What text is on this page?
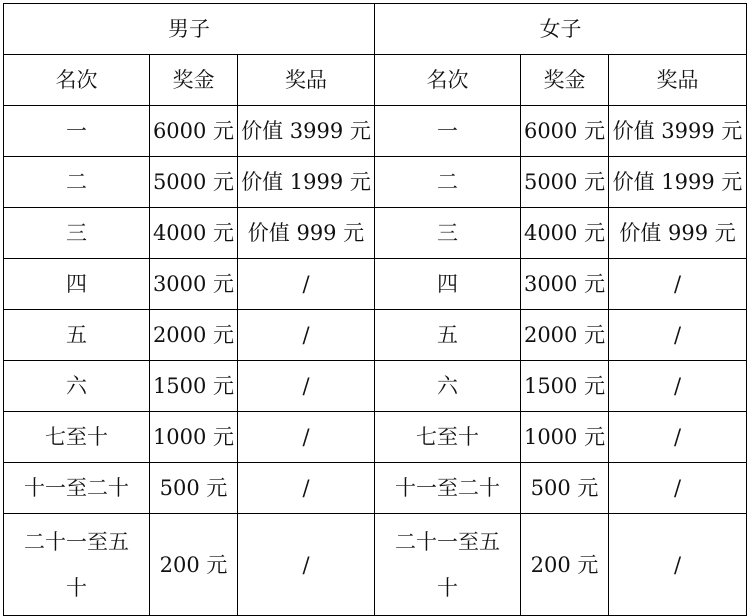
男子			女子		
名次	奖金	奖品	名次	奖金	奖品
一	6000 元	价值 3999 元	一	6000 元	价值 3999 元
二	5000 元	价值 1999 元	二	5000 元	价值 1999 元
三	4000 元	价值 999 元	三	4000 元	价值 999 元
四	3000 元	/	四	3000 元	/
五	2000 元	/	五	2000 元	/
六	1500 元	/	六	1500 元	/
七至十	1000 元	/	七至十	1000 元	/
十一至二十	500 元	/	十一至二十	500 元	/

二十一至五十	200 元	/	二十一至五十	200 元	/
